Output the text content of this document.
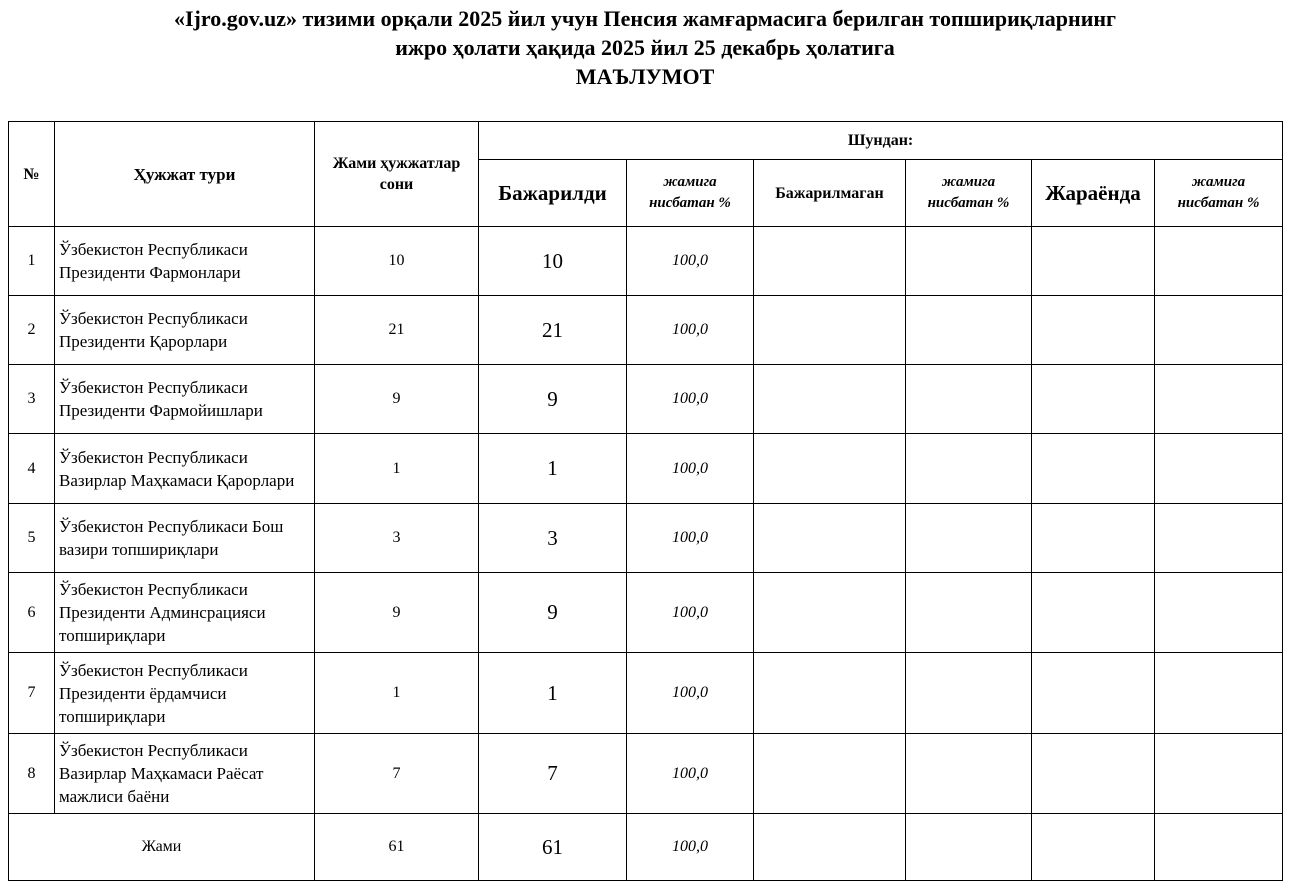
«Ijro.gov.uz» тизими орқали 2025 йил учун Пенсия жамғармасига берилган топшириқларнинг
ижро ҳолати ҳақида 2025 йил 25 декабрь ҳолатига
МАЪЛУМОТ
№	Ҳужжат тури	Жами ҳужжатлар сони	Шундан:					
			Бажарилди	жамига нисбатан %	Бажарилмаган	жамига нисбатан %	Жараёнда	жамига нисбатан %
1	Ўзбекистон Республикаси Президенти Фармонлари	10	10	100,0				
2	Ўзбекистон Республикаси Президенти Қарорлари	21	21	100,0				
3	Ўзбекистон Республикаси Президенти Фармойишлари	9	9	100,0				
4	Ўзбекистон Республикаси Вазирлар Маҳкамаси Қарорлари	1	1	100,0				
5	Ўзбекистон Республикаси Бош вазири топшириқлари	3	3	100,0				
6	Ўзбекистон Республикаси Президенти Админсрацияси топшириқлари	9	9	100,0				
7	Ўзбекистон Республикаси Президенти ёрдамчиси топшириқлари	1	1	100,0				
8	Ўзбекистон Республикаси Вазирлар Маҳкамаси Раёсат мажлиси баёни	7	7	100,0				
Жами		61	61	100,0				
